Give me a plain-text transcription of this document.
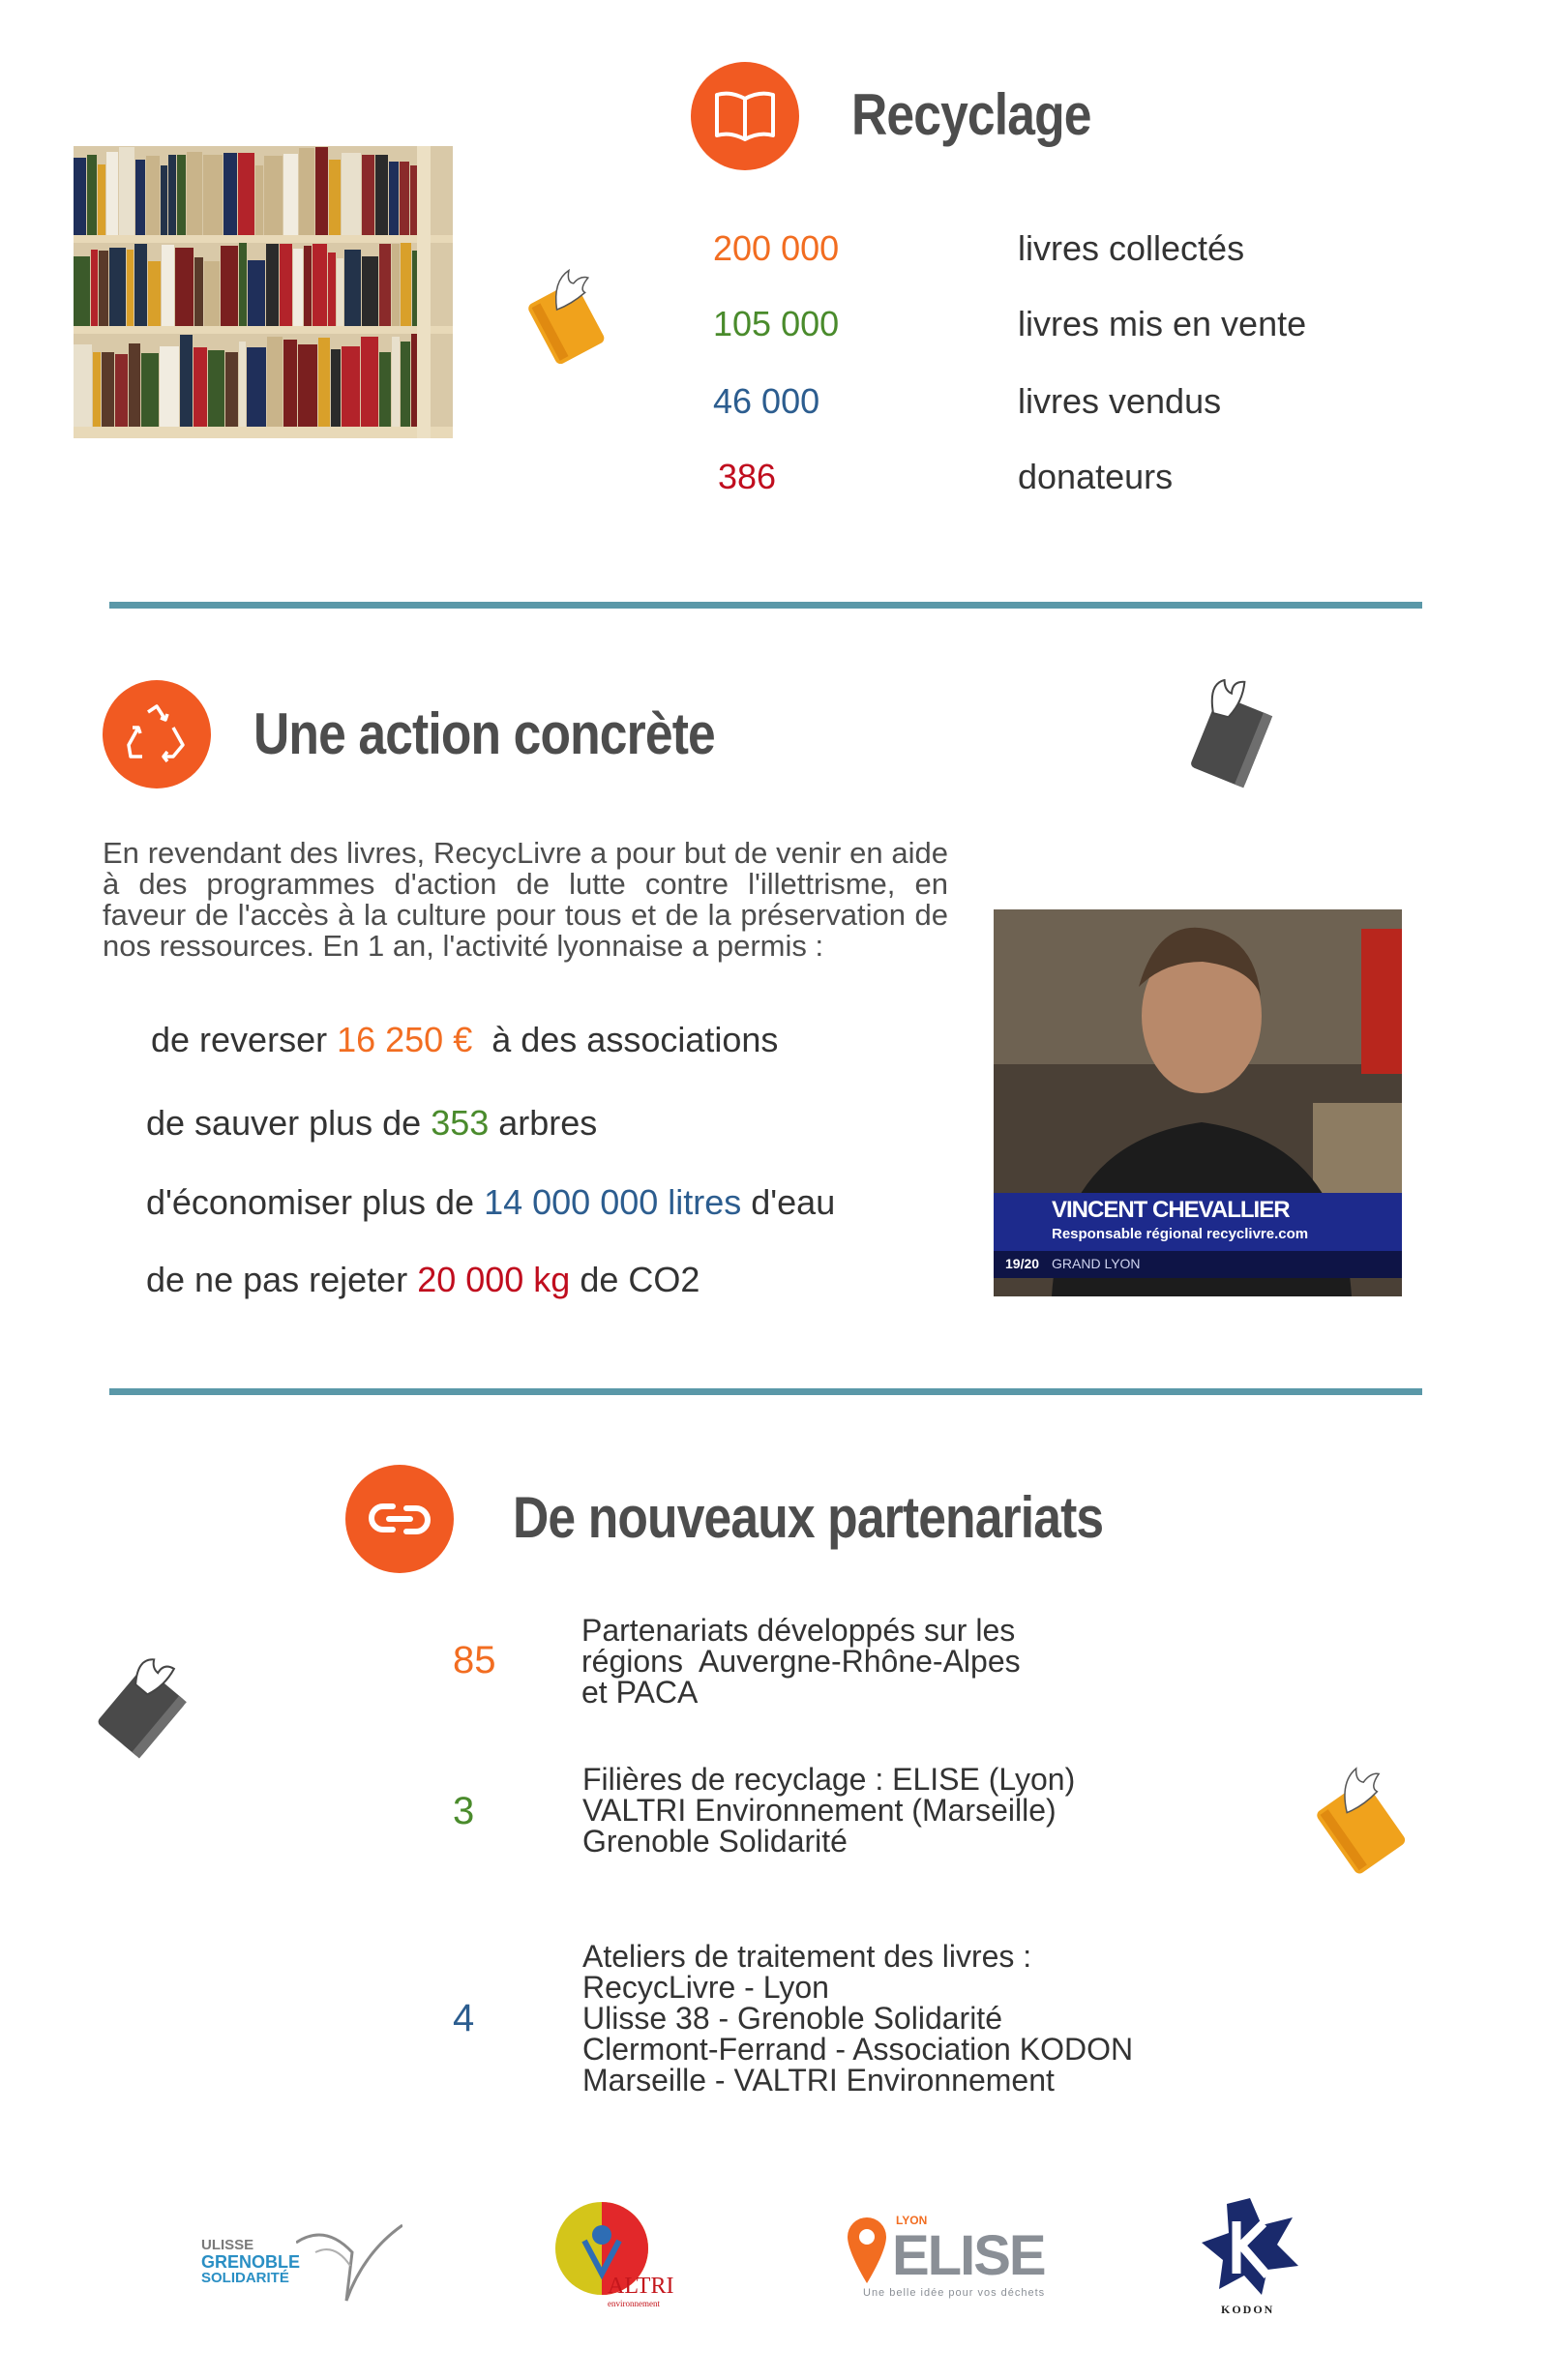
Recyclage
200 000	livres collectés
105 000	livres mis en vente
46 000	livres vendus
386	donateurs
Une action concrète
En revendant des livres, RecycLivre a pour but de venir en aide à des programmes d'action de lutte contre l'illettrisme, en faveur de l'accès à la culture pour tous et de la préservation de nos ressources. En 1 an, l'activité lyonnaise a permis :
de reverser 16 250 € à des associations
de sauver plus de 353 arbres
d'économiser plus de 14 000 000 litres d'eau
de ne pas rejeter 20 000 kg de CO2
VINCENT CHEVALLIER
Responsable régional recyclivre.com
19/20 GRAND LYON
De nouveaux partenariats
85
Partenariats développés sur les
régions  Auvergne-Rhône-Alpes
et PACA
3
Filières de recyclage : ELISE (Lyon)
VALTRI Environnement (Marseille)
Grenoble Solidarité
4
Ateliers de traitement des livres :
RecycLivre - Lyon
Ulisse 38 - Grenoble Solidarité
Clermont-Ferrand - Association KODON
Marseille - VALTRI Environnement
ULISSE
GRENOBLE
SOLIDARITÉ	ALTRI
environnement
LYON
ELISE
Une belle idée pour vos déchets
KODON
